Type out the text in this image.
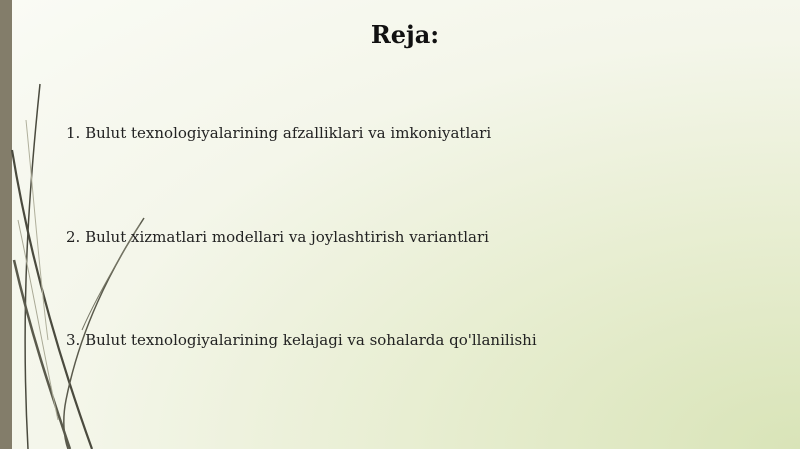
Reja:
1. Bulut texnologiyalarining afzalliklari va imkoniyatlari
2. Bulut xizmatlari modellari va joylashtirish variantlari
3. Bulut texnologiyalarining kelajagi va sohalarda qo'llanilishi
